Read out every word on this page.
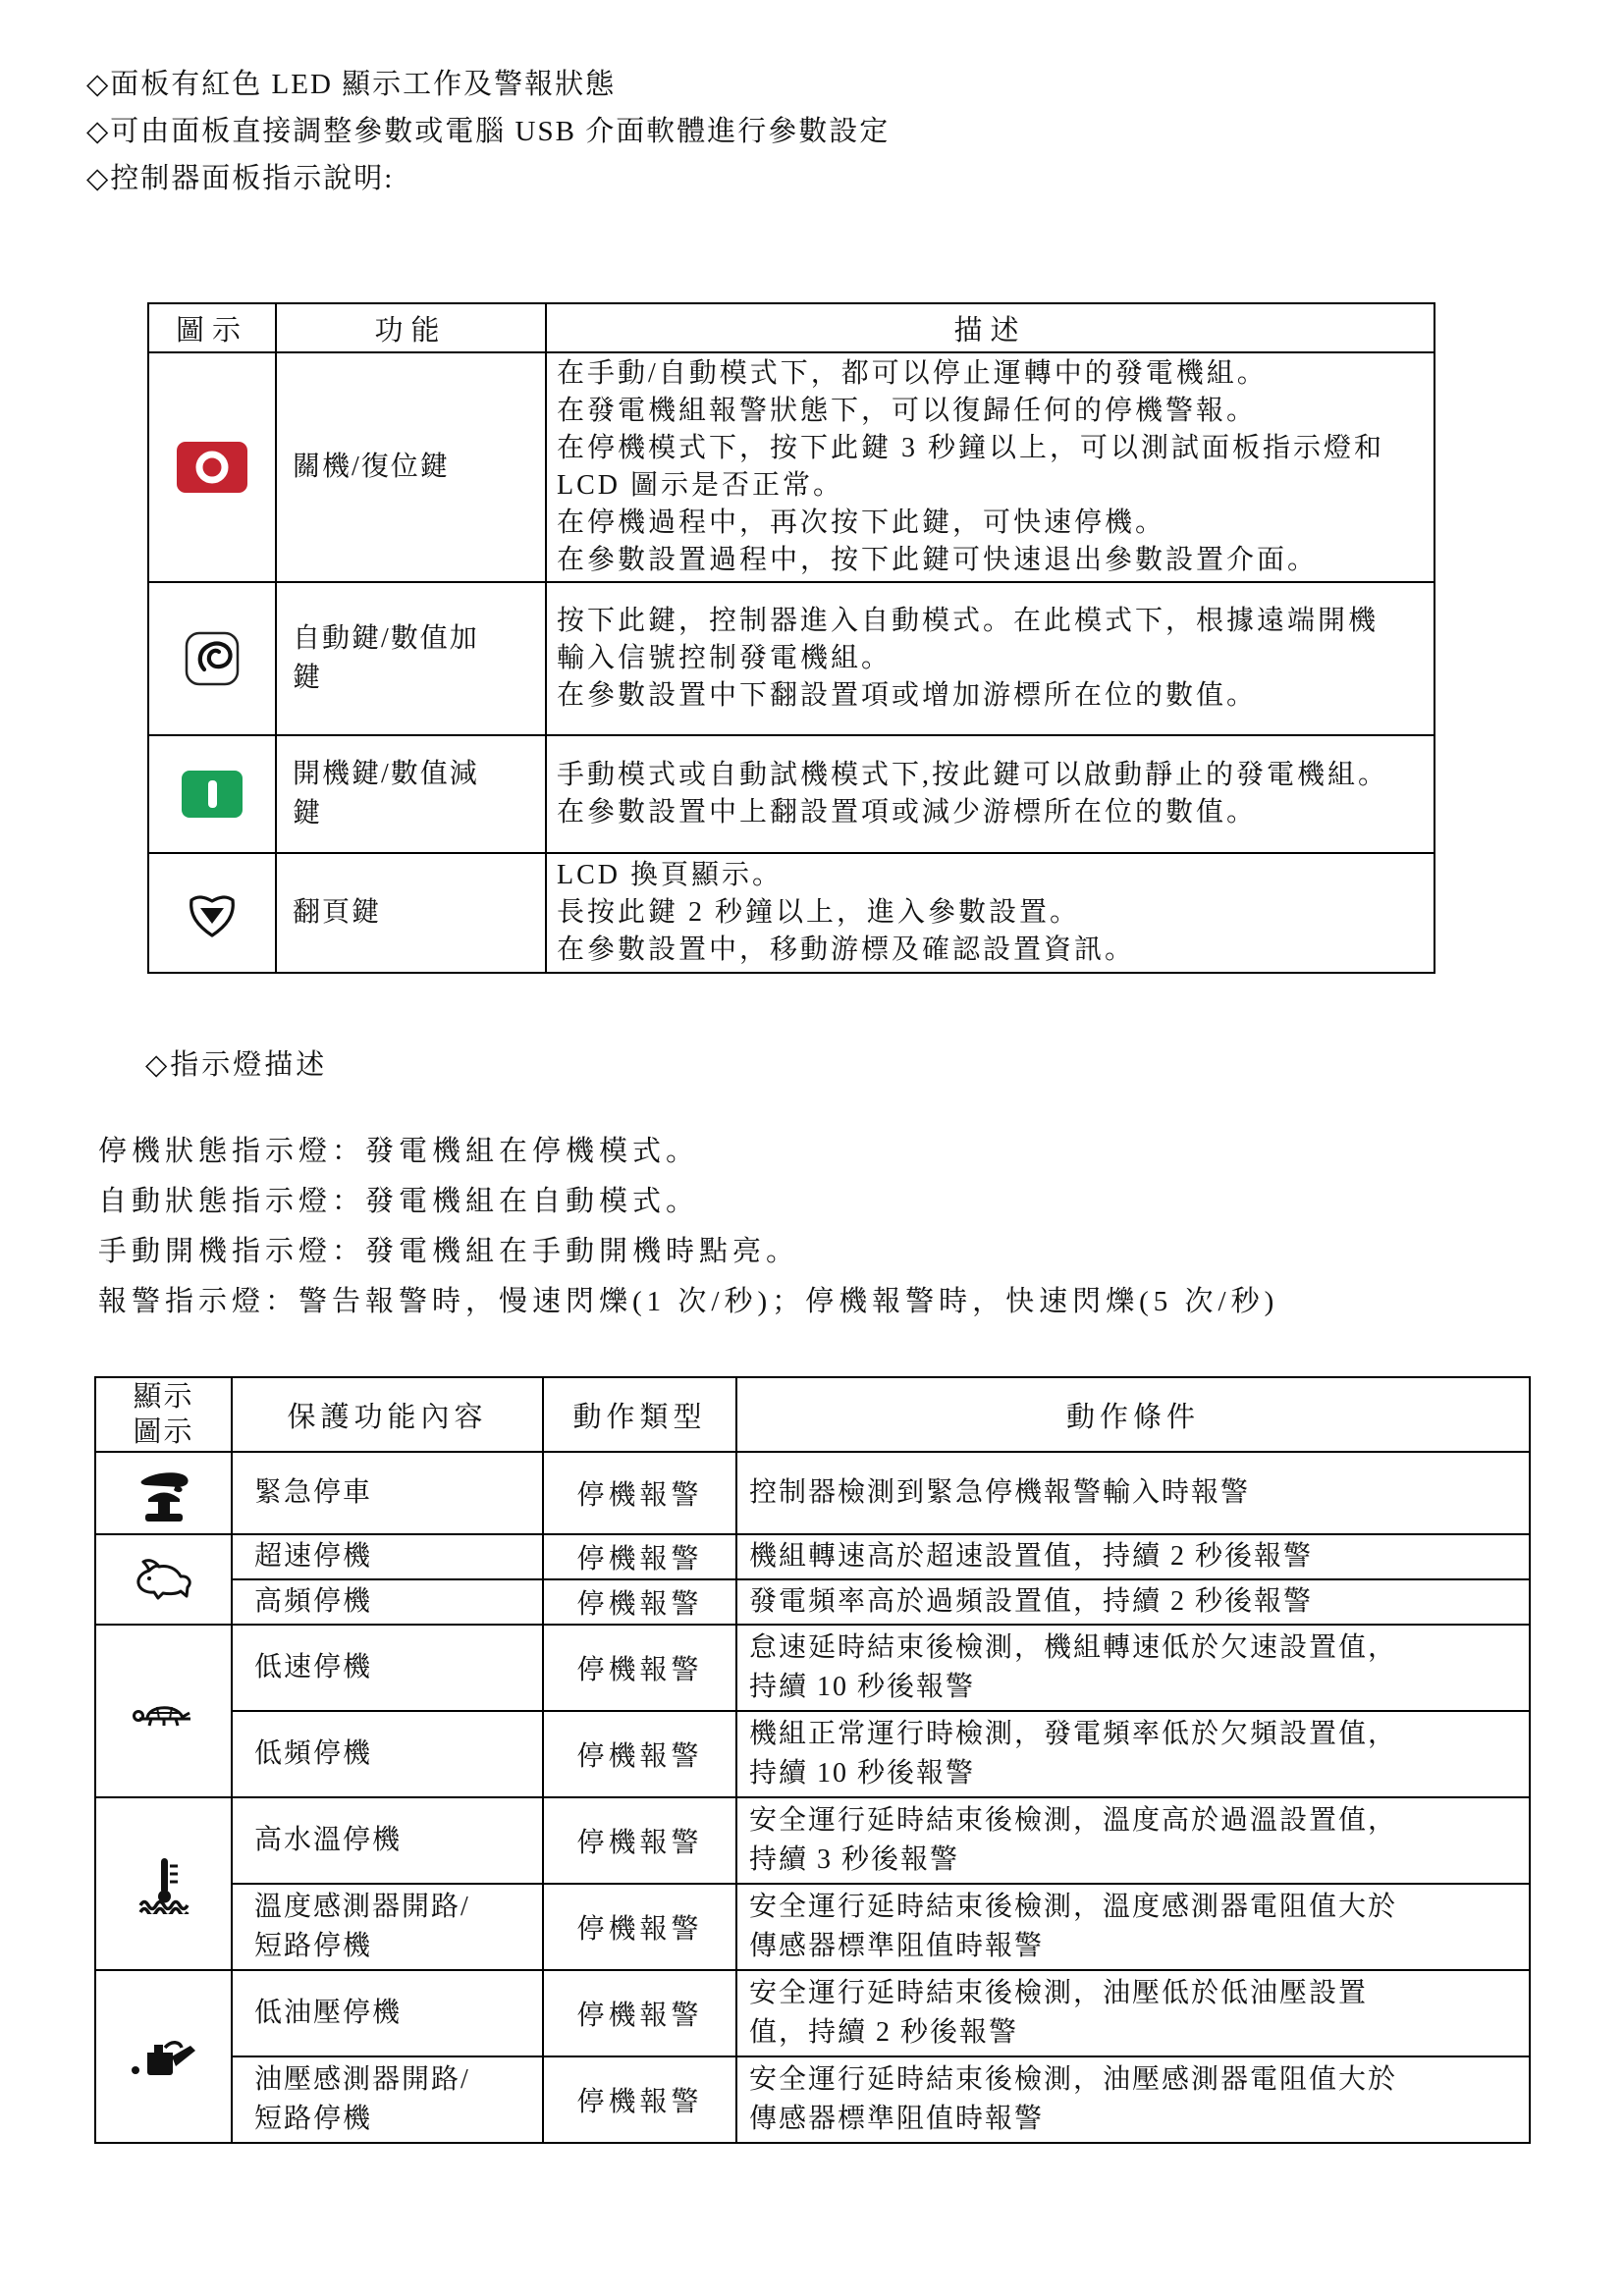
◇面板有紅色 LED 顯示工作及警報狀態
◇可由面板直接調整參數或電腦 USB 介面軟體進行參數設定
◇控制器面板指示說明:
圖示	功能	描述

關機/復位鍵
	在手動/自動模式下，都可以停止運轉中的發電機組。
在發電機組報警狀態下，可以復歸任何的停機警報。
在停機模式下，按下此鍵 3 秒鐘以上，可以測試面板指示燈和
LCD 圖示是否正常。
在停機過程中，再次按下此鍵，可快速停機。
在參數設置過程中，按下此鍵可快速退出參數設置介面。

自動鍵/數值加
鍵	按下此鍵，控制器進入自動模式。在此模式下，根據遠端開機
輸入信號控制發電機組。
在參數設置中下翻設置項或增加游標所在位的數值。

開機鍵/數值減
鍵	手動模式或自動試機模式下,按此鍵可以啟動靜止的發電機組。
在參數設置中上翻設置項或減少游標所在位的數值。

翻頁鍵	LCD 換頁顯示。
長按此鍵 2 秒鐘以上，進入參數設置。
在參數設置中，移動游標及確認設置資訊。
◇指示燈描述
停機狀態指示燈：發電機組在停機模式。
自動狀態指示燈：發電機組在自動模式。
手動開機指示燈：發電機組在手動開機時點亮。
報警指示燈：警告報警時，慢速閃爍(1 次/秒)；停機報警時，快速閃爍(5 次/秒)
顯示
圖示	保護功能內容	動作類型	動作條件

	緊急停車	停機報警	控制器檢測到緊急停機報警輸入時報警

	超速停機	停機報警	機組轉速高於超速設置值，持續 2 秒後報警
	高頻停機	停機報警	發電頻率高於過頻設置值，持續 2 秒後報警

	低速停機	停機報警	怠速延時結束後檢測，機組轉速低於欠速設置值，
持續 10 秒後報警
	低頻停機	停機報警	機組正常運行時檢測，發電頻率低於欠頻設置值，
持續 10 秒後報警

	高水溫停機	停機報警	安全運行延時結束後檢測，溫度高於過溫設置值，
持續 3 秒後報警
	溫度感測器開路/
短路停機	停機報警	安全運行延時結束後檢測，溫度感測器電阻值大於
傳感器標準阻值時報警

	低油壓停機	停機報警	安全運行延時結束後檢測，油壓低於低油壓設置
值，持續 2 秒後報警
	油壓感測器開路/
短路停機	停機報警	安全運行延時結束後檢測，油壓感測器電阻值大於
傳感器標準阻值時報警
